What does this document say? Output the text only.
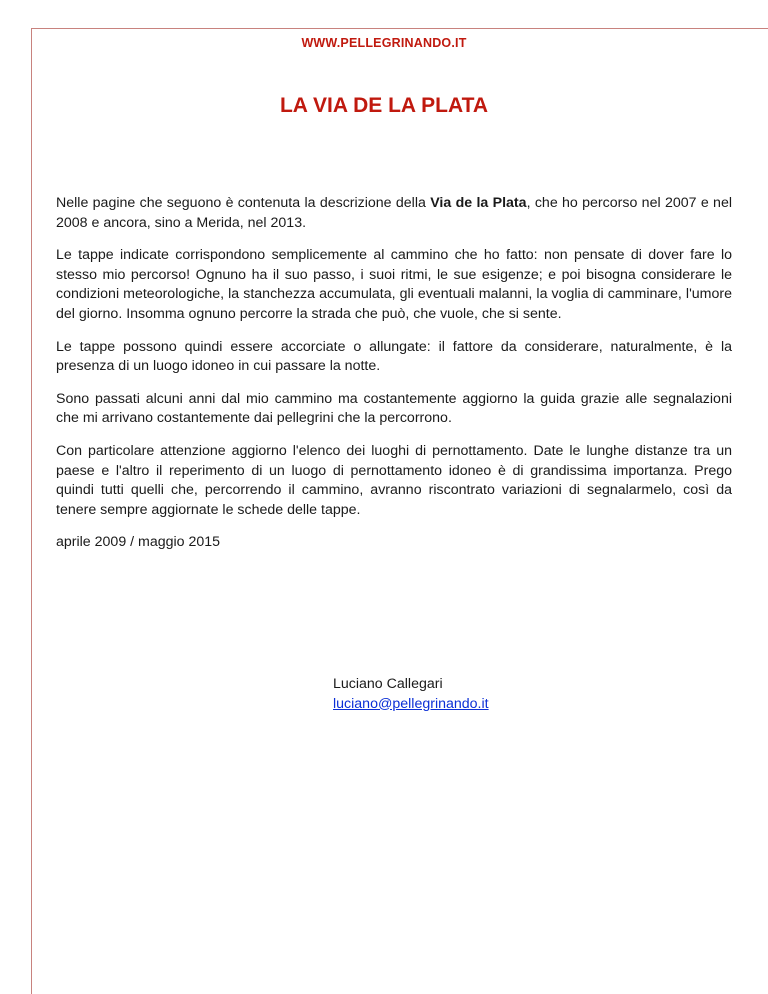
WWW.PELLEGRINANDO.IT
LA VIA DE LA PLATA

Nelle pagine che seguono è contenuta la descrizione della Via de la Plata, che ho percorso nel 2007 e nel 2008 e ancora, sino a Merida, nel 2013.

Le tappe indicate corrispondono semplicemente al cammino che ho fatto: non pensate di dover fare lo stesso mio percorso! Ognuno ha il suo passo, i suoi ritmi, le sue esigenze; e poi bisogna considerare le condizioni meteorologiche, la stanchezza accumulata, gli eventuali malanni, la voglia di camminare, l'umore del giorno. Insomma ognuno percorre la strada che può, che vuole, che si sente.

Le tappe possono quindi essere accorciate o allungate: il fattore da considerare, naturalmente, è la presenza di un luogo idoneo in cui passare la notte.

Sono passati alcuni anni dal mio cammino ma costantemente aggiorno la guida grazie alle segnalazioni che mi arrivano costantemente dai pellegrini che la percorrono.

Con particolare attenzione aggiorno l'elenco dei luoghi di pernottamento. Date le lunghe distanze tra un paese e l'altro il reperimento di un luogo di pernottamento idoneo è di grandissima importanza. Prego quindi tutti quelli che, percorrendo il cammino, avranno riscontrato variazioni di segnalarmelo, così da tenere sempre aggiornate le schede delle tappe.

aprile 2009 / maggio 2015

Luciano Callegari
luciano@pellegrinando.it
